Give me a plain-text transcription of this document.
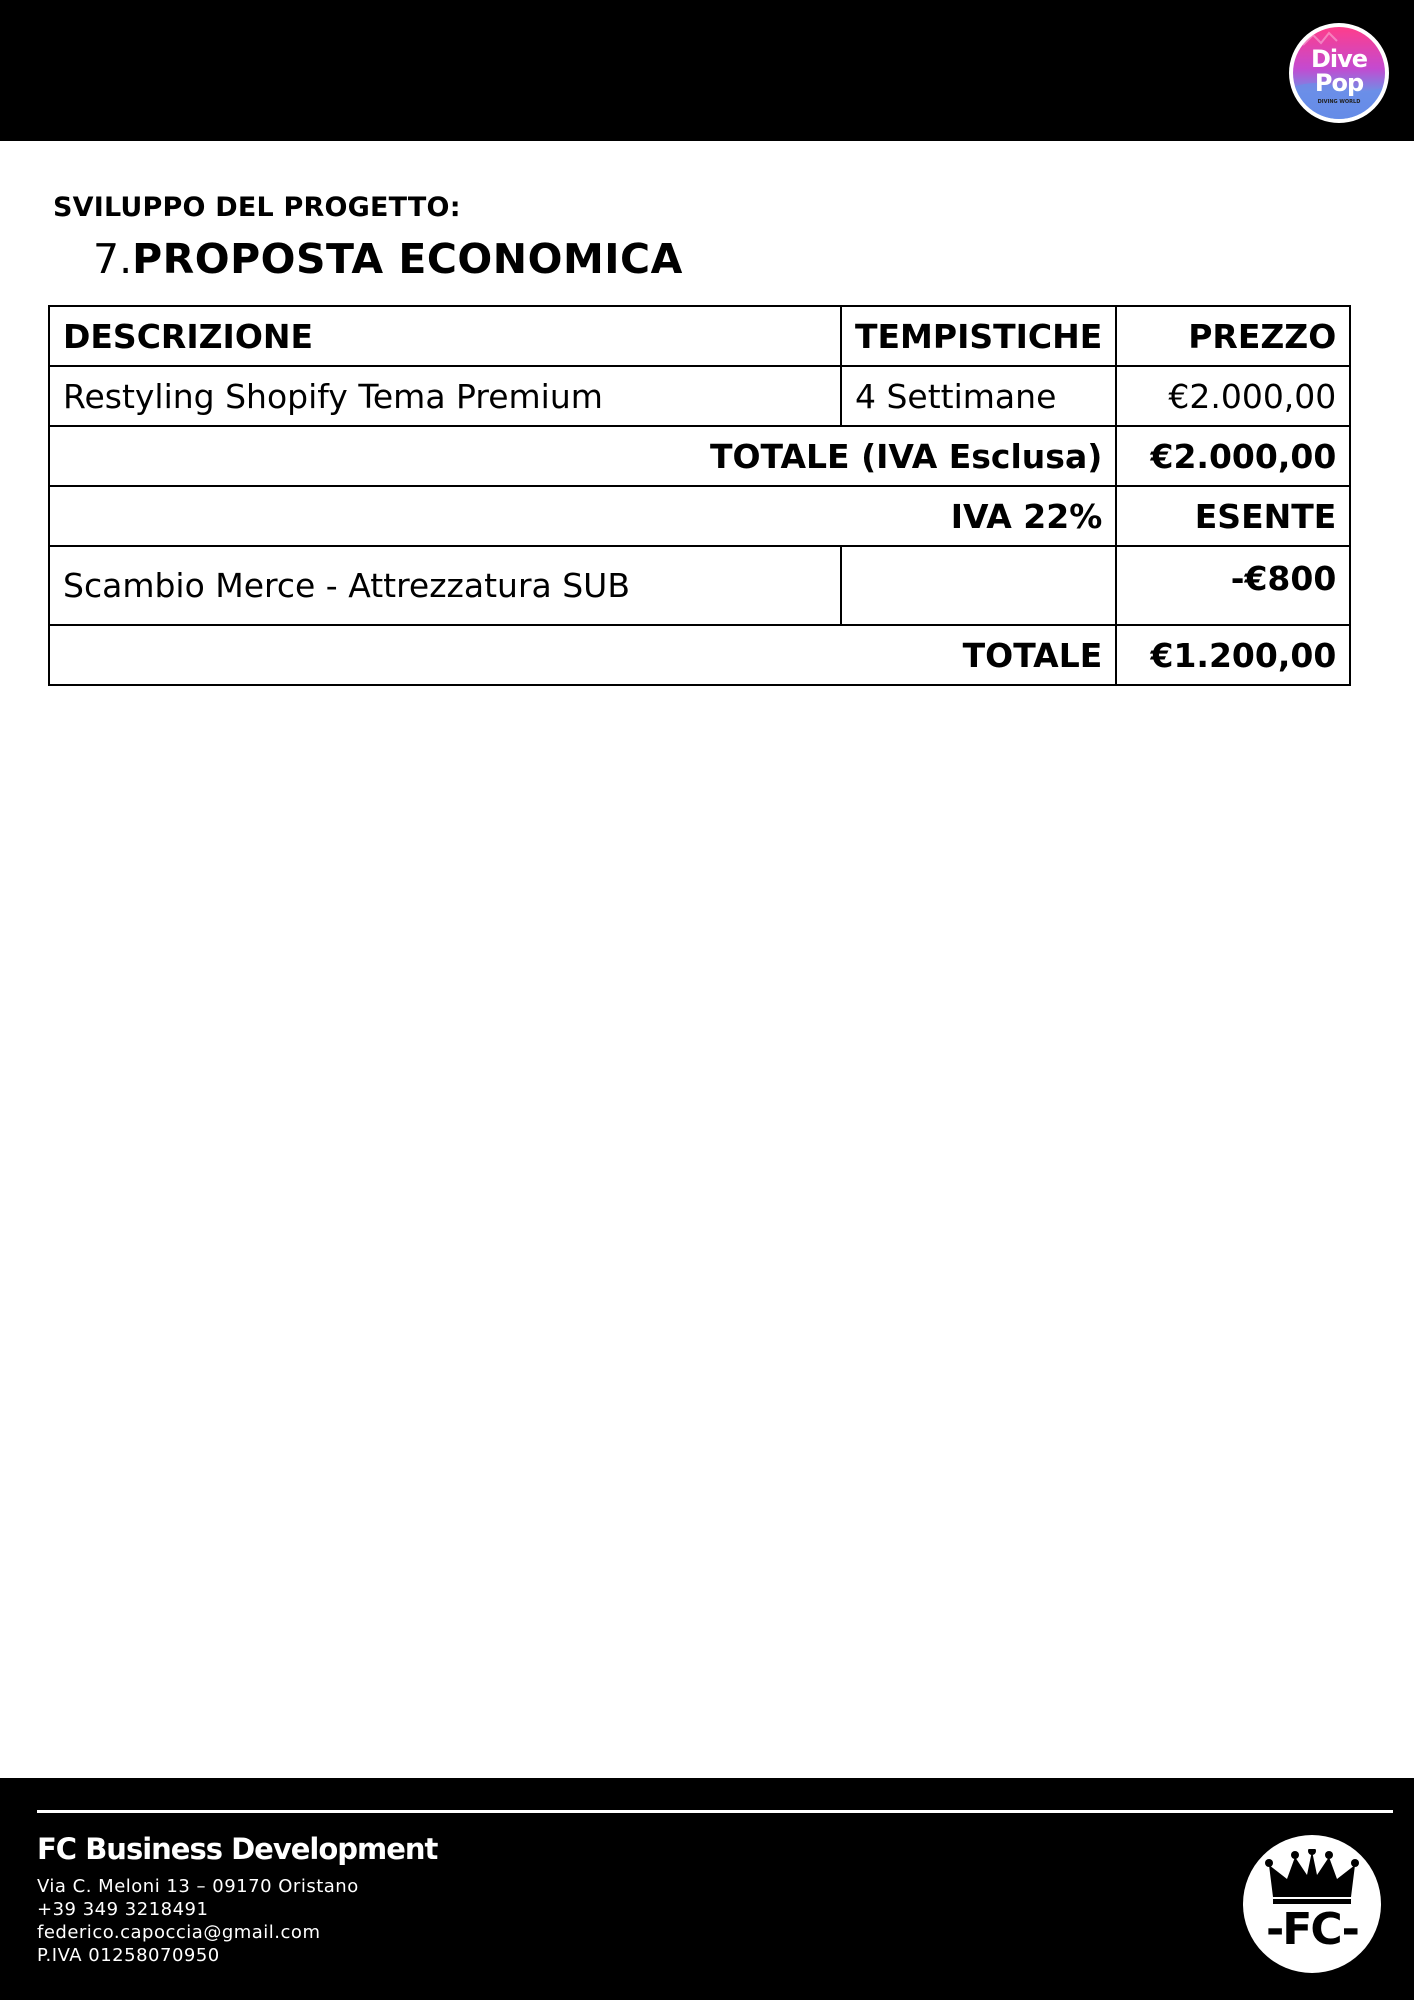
Dive
Pop
DIVING WORLD
SVILUPPO DEL PROGETTO:
7.PROPOSTA ECONOMICA
DESCRIZIONE	TEMPISTICHE	PREZZO
Restyling Shopify Tema Premium	4 Settimane	€2.000,00
TOTALE (IVA Esclusa)		€2.000,00
IVA 22%		ESENTE
Scambio Merce - Attrezzatura SUB		-€800
TOTALE		€1.200,00
FC Business Development
Via C. Meloni 13 – 09170 Oristano
+39 349 3218491
federico.capoccia@gmail.com
P.IVA 01258070950
-FC-
